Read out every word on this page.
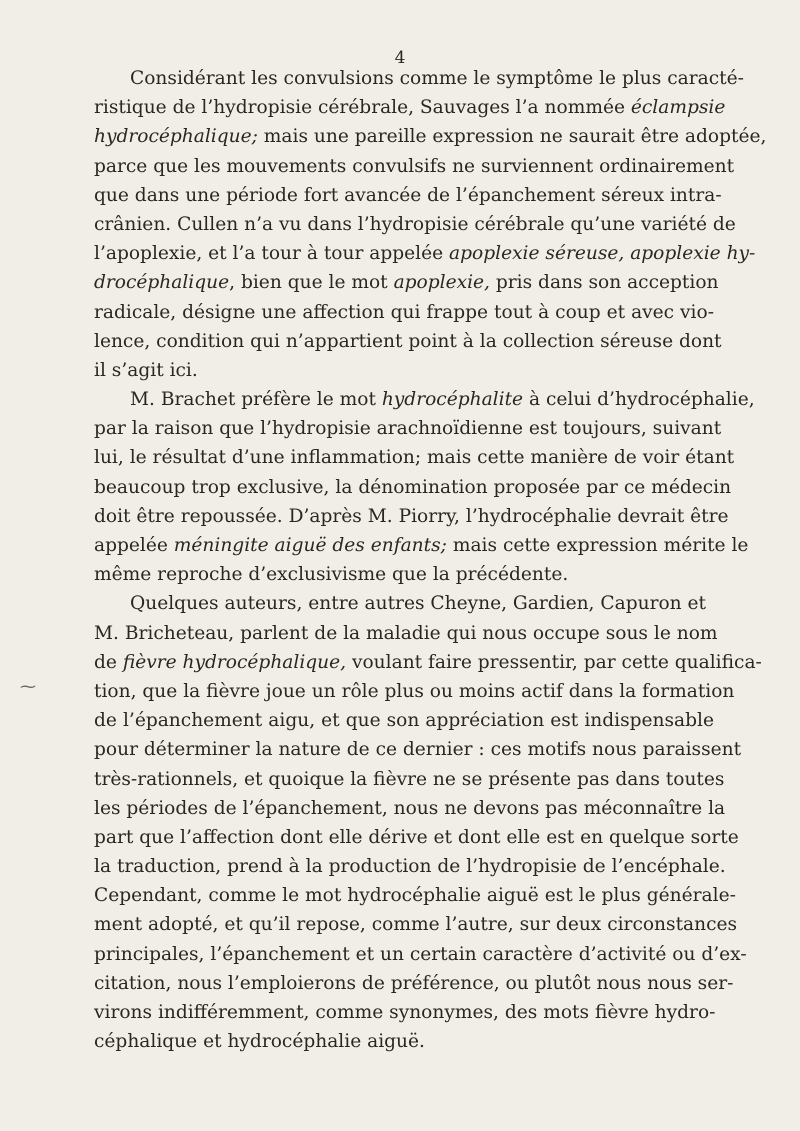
4
Considérant les convulsions comme le symptôme le plus caracté-
ristique de l’hydropisie cérébrale, Sauvages l’a nommée éclampsie
hydrocéphalique; mais une pareille expression ne saurait être adoptée,
parce que les mouvements convulsifs ne surviennent ordinairement
que dans une période fort avancée de l’épanchement séreux intra-
crânien. Cullen n’a vu dans l’hydropisie cérébrale qu’une variété de
l’apoplexie, et l’a tour à tour appelée apoplexie séreuse, apoplexie hy-
drocéphalique, bien que le mot apoplexie, pris dans son acception
radicale, désigne une affection qui frappe tout à coup et avec vio-
lence, condition qui n’appartient point à la collection séreuse dont
il s’agit ici.
M. Brachet préfère le mot hydrocéphalite à celui d’hydrocéphalie,
par la raison que l’hydropisie arachnoïdienne est toujours, suivant
lui, le résultat d’une inflammation; mais cette manière de voir étant
beaucoup trop exclusive, la dénomination proposée par ce médecin
doit être repoussée. D’après M. Piorry, l’hydrocéphalie devrait être
appelée méningite aiguë des enfants; mais cette expression mérite le
même reproche d’exclusivisme que la précédente.
Quelques auteurs, entre autres Cheyne, Gardien, Capuron et
M. Bricheteau, parlent de la maladie qui nous occupe sous le nom
de fièvre hydrocéphalique, voulant faire pressentir, par cette qualifica-
tion, que la fièvre joue un rôle plus ou moins actif dans la formation
de l’épanchement aigu, et que son appréciation est indispensable
pour déterminer la nature de ce dernier : ces motifs nous paraissent
très-rationnels, et quoique la fièvre ne se présente pas dans toutes
les périodes de l’épanchement, nous ne devons pas méconnaître la
part que l’affection dont elle dérive et dont elle est en quelque sorte
la traduction, prend à la production de l’hydropisie de l’encéphale.
Cependant, comme le mot hydrocéphalie aiguë est le plus générale-
ment adopté, et qu’il repose, comme l’autre, sur deux circonstances
principales, l’épanchement et un certain caractère d’activité ou d’ex-
citation, nous l’emploierons de préférence, ou plutôt nous nous ser-
virons indifféremment, comme synonymes, des mots fièvre hydro-
céphalique et hydrocéphalie aiguë.
⁓
